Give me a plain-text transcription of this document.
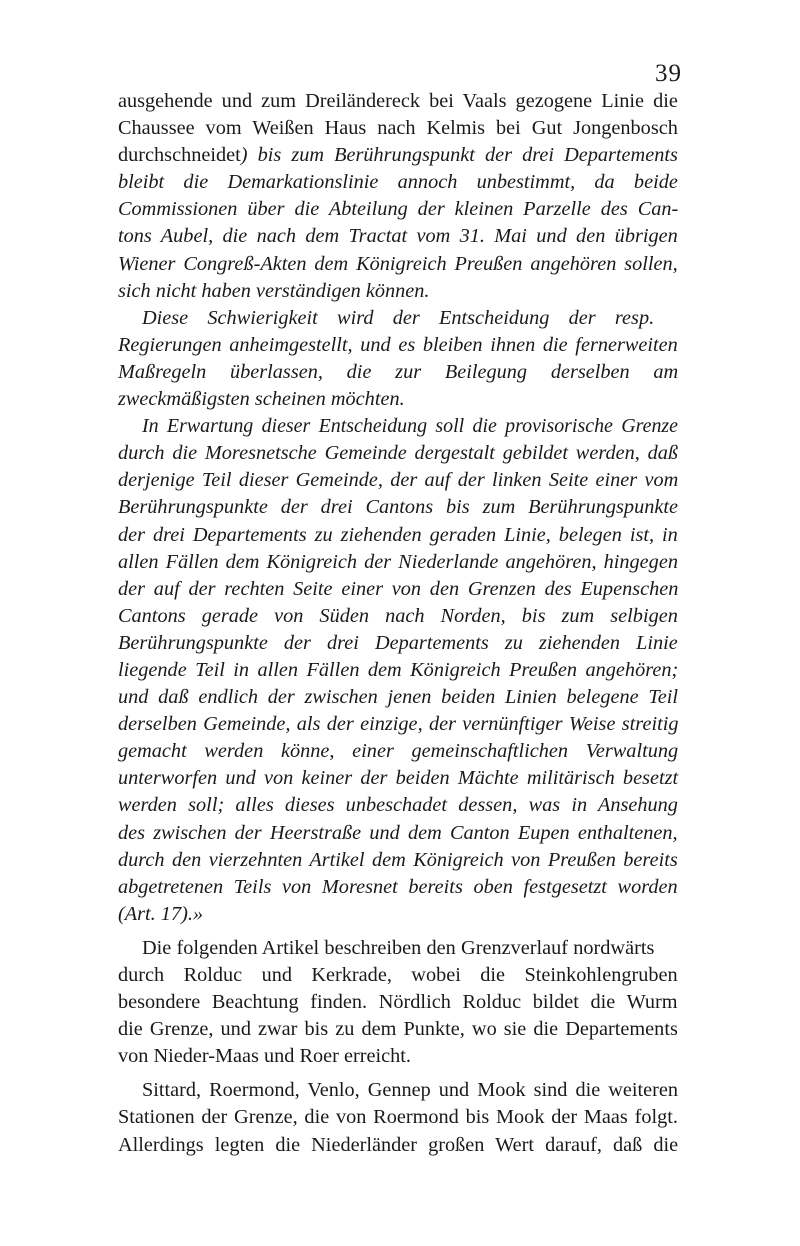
39
ausgehende und zum Dreiländereck bei Vaals gezogene Linie die
Chaussee vom Weißen Haus nach Kelmis bei Gut Jongenbosch
durchschneidet) bis zum Berührungspunkt der drei Departements
bleibt die Demarkationslinie annoch unbestimmt, da beide
Commissionen über die Abteilung der kleinen Parzelle des Can-
tons Aubel, die nach dem Tractat vom 31. Mai und den übrigen
Wiener Congreß-Akten dem Königreich Preußen angehören sollen,
sich nicht haben verständigen können.
Diese Schwierigkeit wird der Entscheidung der resp.
Regierungen anheimgestellt, und es bleiben ihnen die fernerweiten
Maßregeln überlassen, die zur Beilegung derselben am
zweckmäßigsten scheinen möchten.
In Erwartung dieser Entscheidung soll die provisorische Grenze
durch die Moresnetsche Gemeinde dergestalt gebildet werden, daß
derjenige Teil dieser Gemeinde, der auf der linken Seite einer vom
Berührungspunkte der drei Cantons bis zum Berührungspunkte
der drei Departements zu ziehenden geraden Linie, belegen ist, in
allen Fällen dem Königreich der Niederlande angehören, hingegen
der auf der rechten Seite einer von den Grenzen des Eupenschen
Cantons gerade von Süden nach Norden, bis zum selbigen
Berührungspunkte der drei Departements zu ziehenden Linie
liegende Teil in allen Fällen dem Königreich Preußen angehören;
und daß endlich der zwischen jenen beiden Linien belegene Teil
derselben Gemeinde, als der einzige, der vernünftiger Weise streitig
gemacht werden könne, einer gemeinschaftlichen Verwaltung
unterworfen und von keiner der beiden Mächte militärisch besetzt
werden soll; alles dieses unbeschadet dessen, was in Ansehung
des zwischen der Heerstraße und dem Canton Eupen enthaltenen,
durch den vierzehnten Artikel dem Königreich von Preußen bereits
abgetretenen Teils von Moresnet bereits oben festgesetzt worden
(Art. 17).»
Die folgenden Artikel beschreiben den Grenzverlauf nordwärts
durch Rolduc und Kerkrade, wobei die Steinkohlengruben
besondere Beachtung finden. Nördlich Rolduc bildet die Wurm
die Grenze, und zwar bis zu dem Punkte, wo sie die Departements
von Nieder-Maas und Roer erreicht.
Sittard, Roermond, Venlo, Gennep und Mook sind die weiteren
Stationen der Grenze, die von Roermond bis Mook der Maas folgt.
Allerdings legten die Niederländer großen Wert darauf, daß die
